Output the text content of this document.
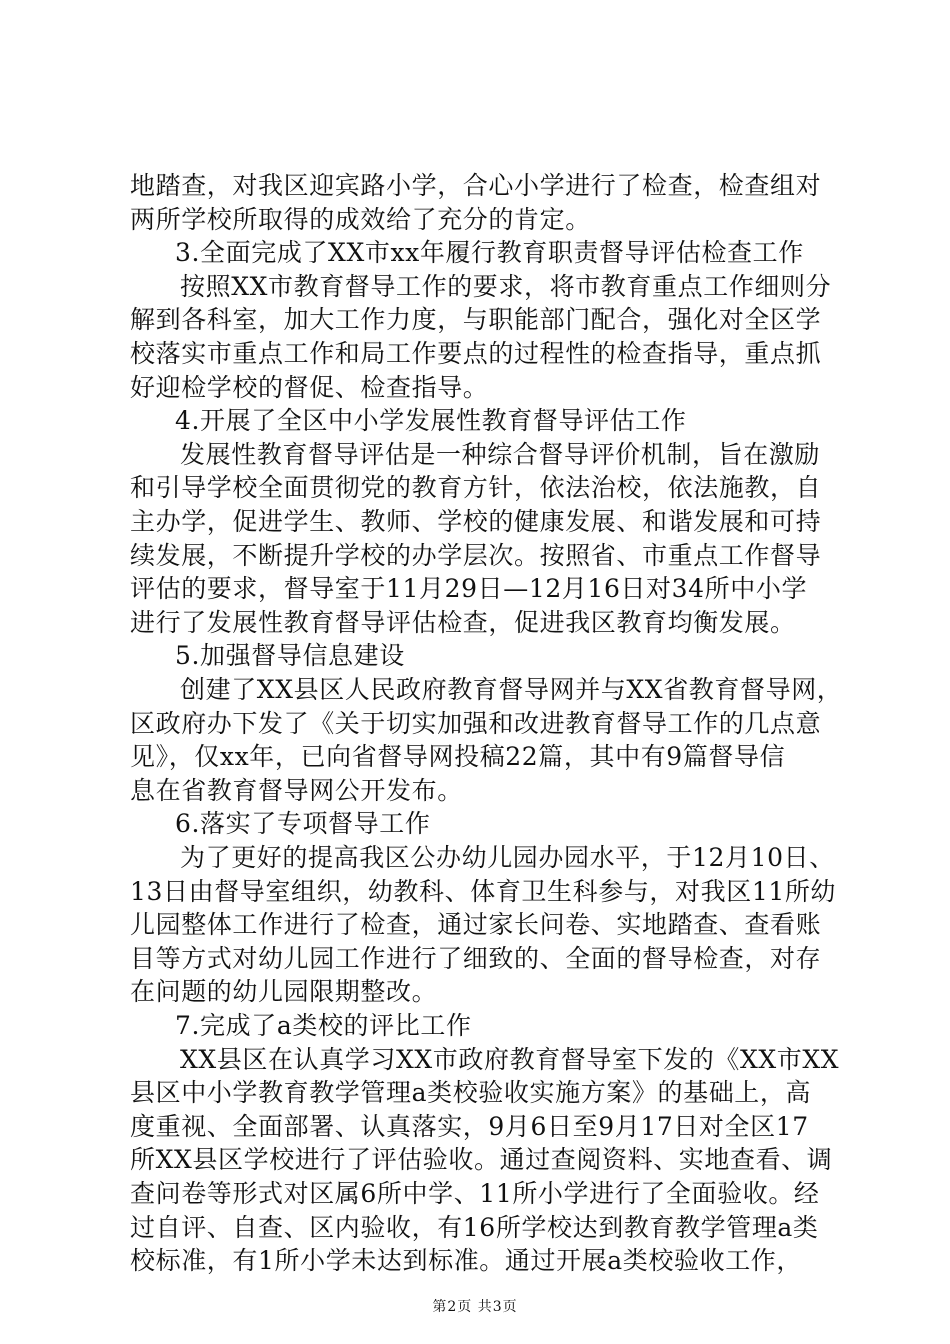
地踏查，对我区迎宾路小学，合心小学进行了检查，检查组对
两所学校所取得的成效给了充分的肯定。
3.全面完成了XX市xx年履行教育职责督导评估检查工作
按照XX市教育督导工作的要求，将市教育重点工作细则分
解到各科室，加大工作力度，与职能部门配合，强化对全区学
校落实市重点工作和局工作要点的过程性的检查指导，重点抓
好迎检学校的督促、检查指导。
4.开展了全区中小学发展性教育督导评估工作
发展性教育督导评估是一种综合督导评价机制，旨在激励
和引导学校全面贯彻党的教育方针，依法治校，依法施教，自
主办学，促进学生、教师、学校的健康发展、和谐发展和可持
续发展，不断提升学校的办学层次。按照省、市重点工作督导
评估的要求，督导室于11月29日—12月16日对34所中小学
进行了发展性教育督导评估检查，促进我区教育均衡发展。
5.加强督导信息建设
创建了XX县区人民政府教育督导网并与XX省教育督导网，
区政府办下发了《关于切实加强和改进教育督导工作的几点意
见》，仅xx年，已向省督导网投稿22篇，其中有9篇督导信
息在省教育督导网公开发布。
6.落实了专项督导工作
为了更好的提高我区公办幼儿园办园水平，于12月10日、
13日由督导室组织，幼教科、体育卫生科参与，对我区11所幼
儿园整体工作进行了检查，通过家长问卷、实地踏查、查看账
目等方式对幼儿园工作进行了细致的、全面的督导检查，对存
在问题的幼儿园限期整改。
7.完成了a类校的评比工作
XX县区在认真学习XX市政府教育督导室下发的《XX市XX
县区中小学教育教学管理a类校验收实施方案》的基础上，高
度重视、全面部署、认真落实，9月6日至9月17日对全区17
所XX县区学校进行了评估验收。通过查阅资料、实地查看、调
查问卷等形式对区属6所中学、11所小学进行了全面验收。经
过自评、自查、区内验收，有16所学校达到教育教学管理a类
校标准，有1所小学未达到标准。通过开展a类校验收工作，
第2页 共3页
